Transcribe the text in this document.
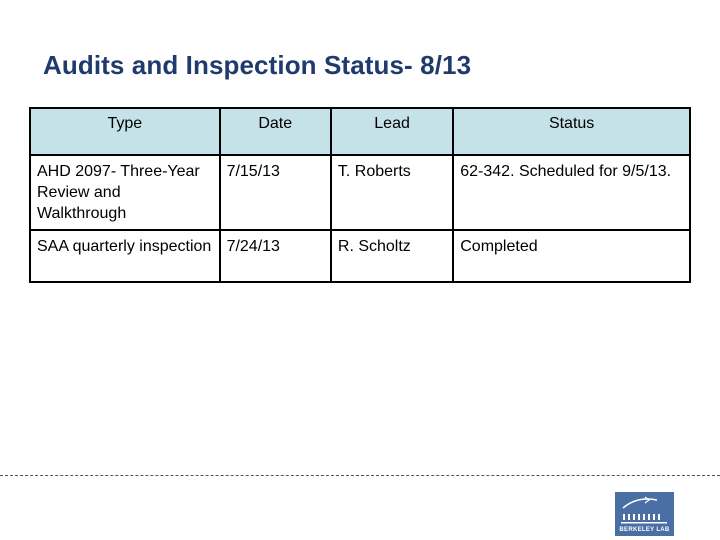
Audits and Inspection Status- 8/13
Type	Date	Lead	Status
AHD 2097- Three-Year Review and Walkthrough	7/15/13	T. Roberts	62-342. Scheduled for 9/5/13.
SAA quarterly inspection	7/24/13	R. Scholtz	Completed
BERKELEY LAB
